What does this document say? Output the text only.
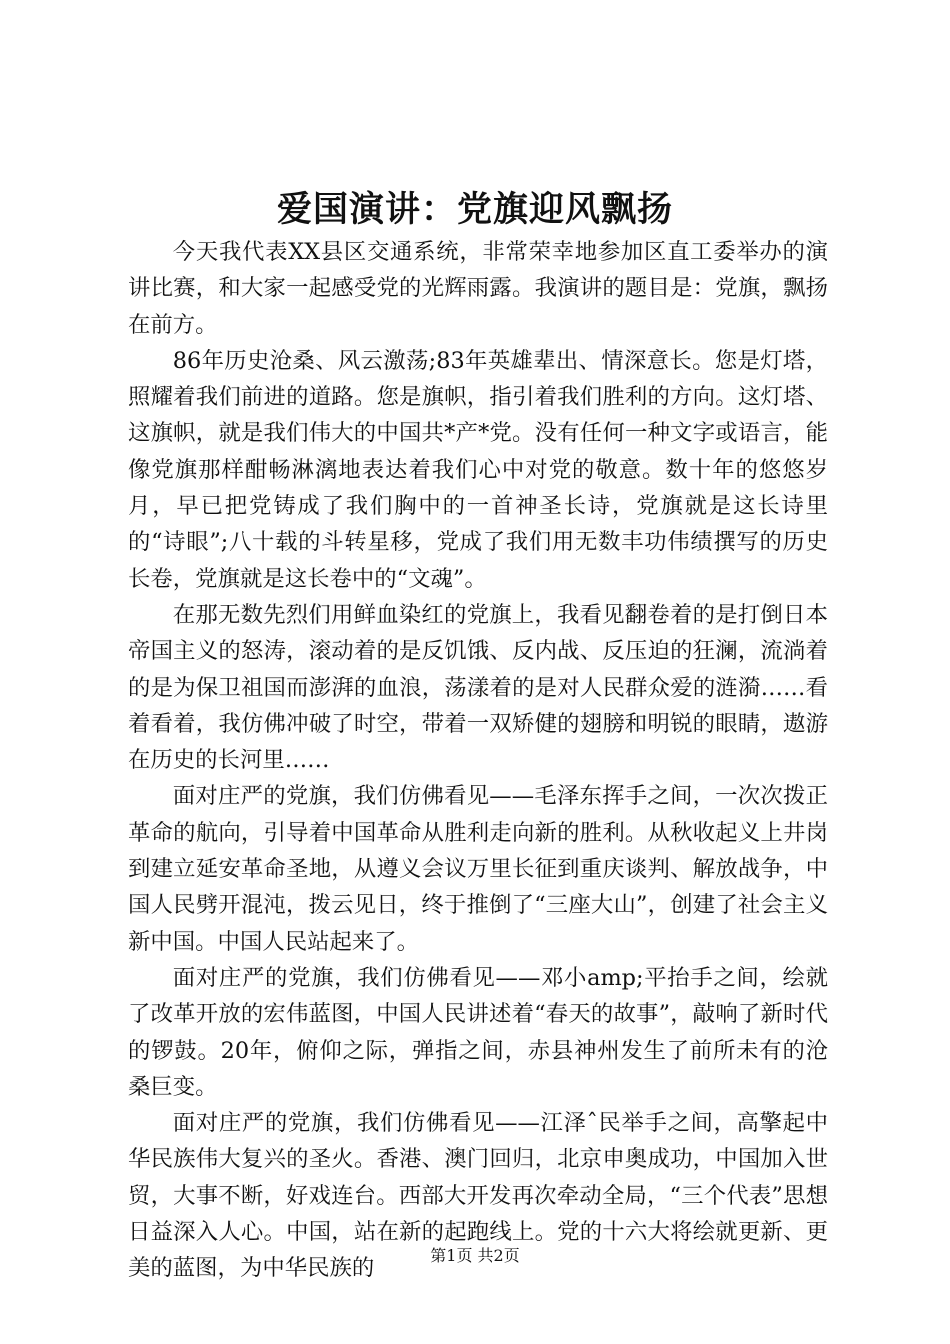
爱国演讲：党旗迎风飘扬

今天我代表XX县区交通系统，非常荣幸地参加区直工委举办的演讲比赛，和大家一起感受党的光辉雨露。我演讲的题目是：党旗，飘扬在前方。

86年历史沧桑、风云激荡;83年英雄辈出、情深意长。您是灯塔，照耀着我们前进的道路。您是旗帜，指引着我们胜利的方向。这灯塔、这旗帜，就是我们伟大的中国共*产*党。没有任何一种文字或语言，能像党旗那样酣畅淋漓地表达着我们心中对党的敬意。数十年的悠悠岁月，早已把党铸成了我们胸中的一首神圣长诗，党旗就是这长诗里的“诗眼”;八十载的斗转星移，党成了我们用无数丰功伟绩撰写的历史长卷，党旗就是这长卷中的“文魂”。

在那无数先烈们用鲜血染红的党旗上，我看见翻卷着的是打倒日本帝国主义的怒涛，滚动着的是反饥饿、反内战、反压迫的狂澜，流淌着的是为保卫祖国而澎湃的血浪，荡漾着的是对人民群众爱的涟漪……看着看着，我仿佛冲破了时空，带着一双矫健的翅膀和明锐的眼睛，遨游在历史的长河里……

面对庄严的党旗，我们仿佛看见——毛泽东挥手之间，一次次拨正革命的航向，引导着中国革命从胜利走向新的胜利。从秋收起义上井岗到建立延安革命圣地，从遵义会议万里长征到重庆谈判、解放战争，中国人民劈开混沌，拨云见日，终于推倒了“三座大山”，创建了社会主义新中国。中国人民站起来了。

面对庄严的党旗，我们仿佛看见——邓小amp;平抬手之间，绘就了改革开放的宏伟蓝图，中国人民讲述着“春天的故事”，敲响了新时代的锣鼓。20年，俯仰之际，弹指之间，赤县神州发生了前所未有的沧桑巨变。

面对庄严的党旗，我们仿佛看见——江泽ˆ民举手之间，高擎起中华民族伟大复兴的圣火。香港、澳门回归，北京申奥成功，中国加入世贸，大事不断，好戏连台。西部大开发再次牵动全局，“三个代表”思想日益深入人心。中国，站在新的起跑线上。党的十六大将绘就更新、更美的蓝图，为中华民族的	第1页 共2页
